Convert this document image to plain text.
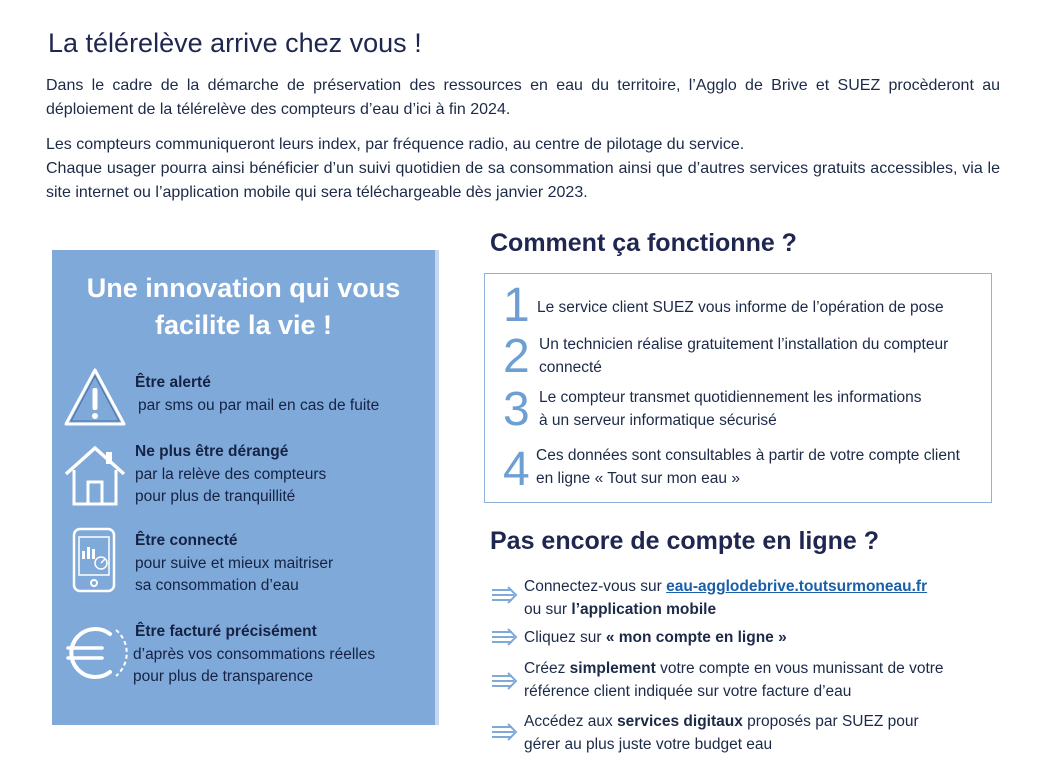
La télérelève arrive chez vous !
Dans le cadre de la démarche de préservation des ressources en eau du territoire, l’Agglo de Brive et SUEZ procèderont au déploiement de la télérelève des compteurs d’eau d’ici à fin 2024.
Les compteurs communiqueront leurs index, par fréquence radio, au centre de pilotage du service.
Chaque usager pourra ainsi bénéficier d’un suivi quotidien de sa consommation ainsi que d’autres services gratuits accessibles, via le site internet ou l’application mobile qui sera téléchargeable dès janvier 2023.
Une innovation qui vous
facilite la vie !
Être alerté
par sms ou par mail en cas de fuite
Ne plus être dérangé
par la relève des compteurs
pour plus de tranquillité
Être connecté
pour suive et mieux maitriser
sa consommation d’eau
Être facturé précisément
d’après vos consommations réelles
pour plus de transparence
Comment ça fonctionne ?
1 Le service client SUEZ vous informe de l’opération de pose
2 Un technicien réalise gratuitement l’installation du compteur
connecté
3 Le compteur transmet quotidiennement les informations
à un serveur informatique sécurisé
4 Ces données sont consultables à partir de votre compte client
en ligne « Tout sur mon eau »
Pas encore de compte en ligne ?
Connectez-vous sur eau-agglodebrive.toutsurmoneau.fr
ou sur l’application mobile
Cliquez sur « mon compte en ligne »
Créez simplement votre compte en vous munissant de votre
référence client indiquée sur votre facture d’eau
Accédez aux services digitaux proposés par SUEZ pour
gérer au plus juste votre budget eau
